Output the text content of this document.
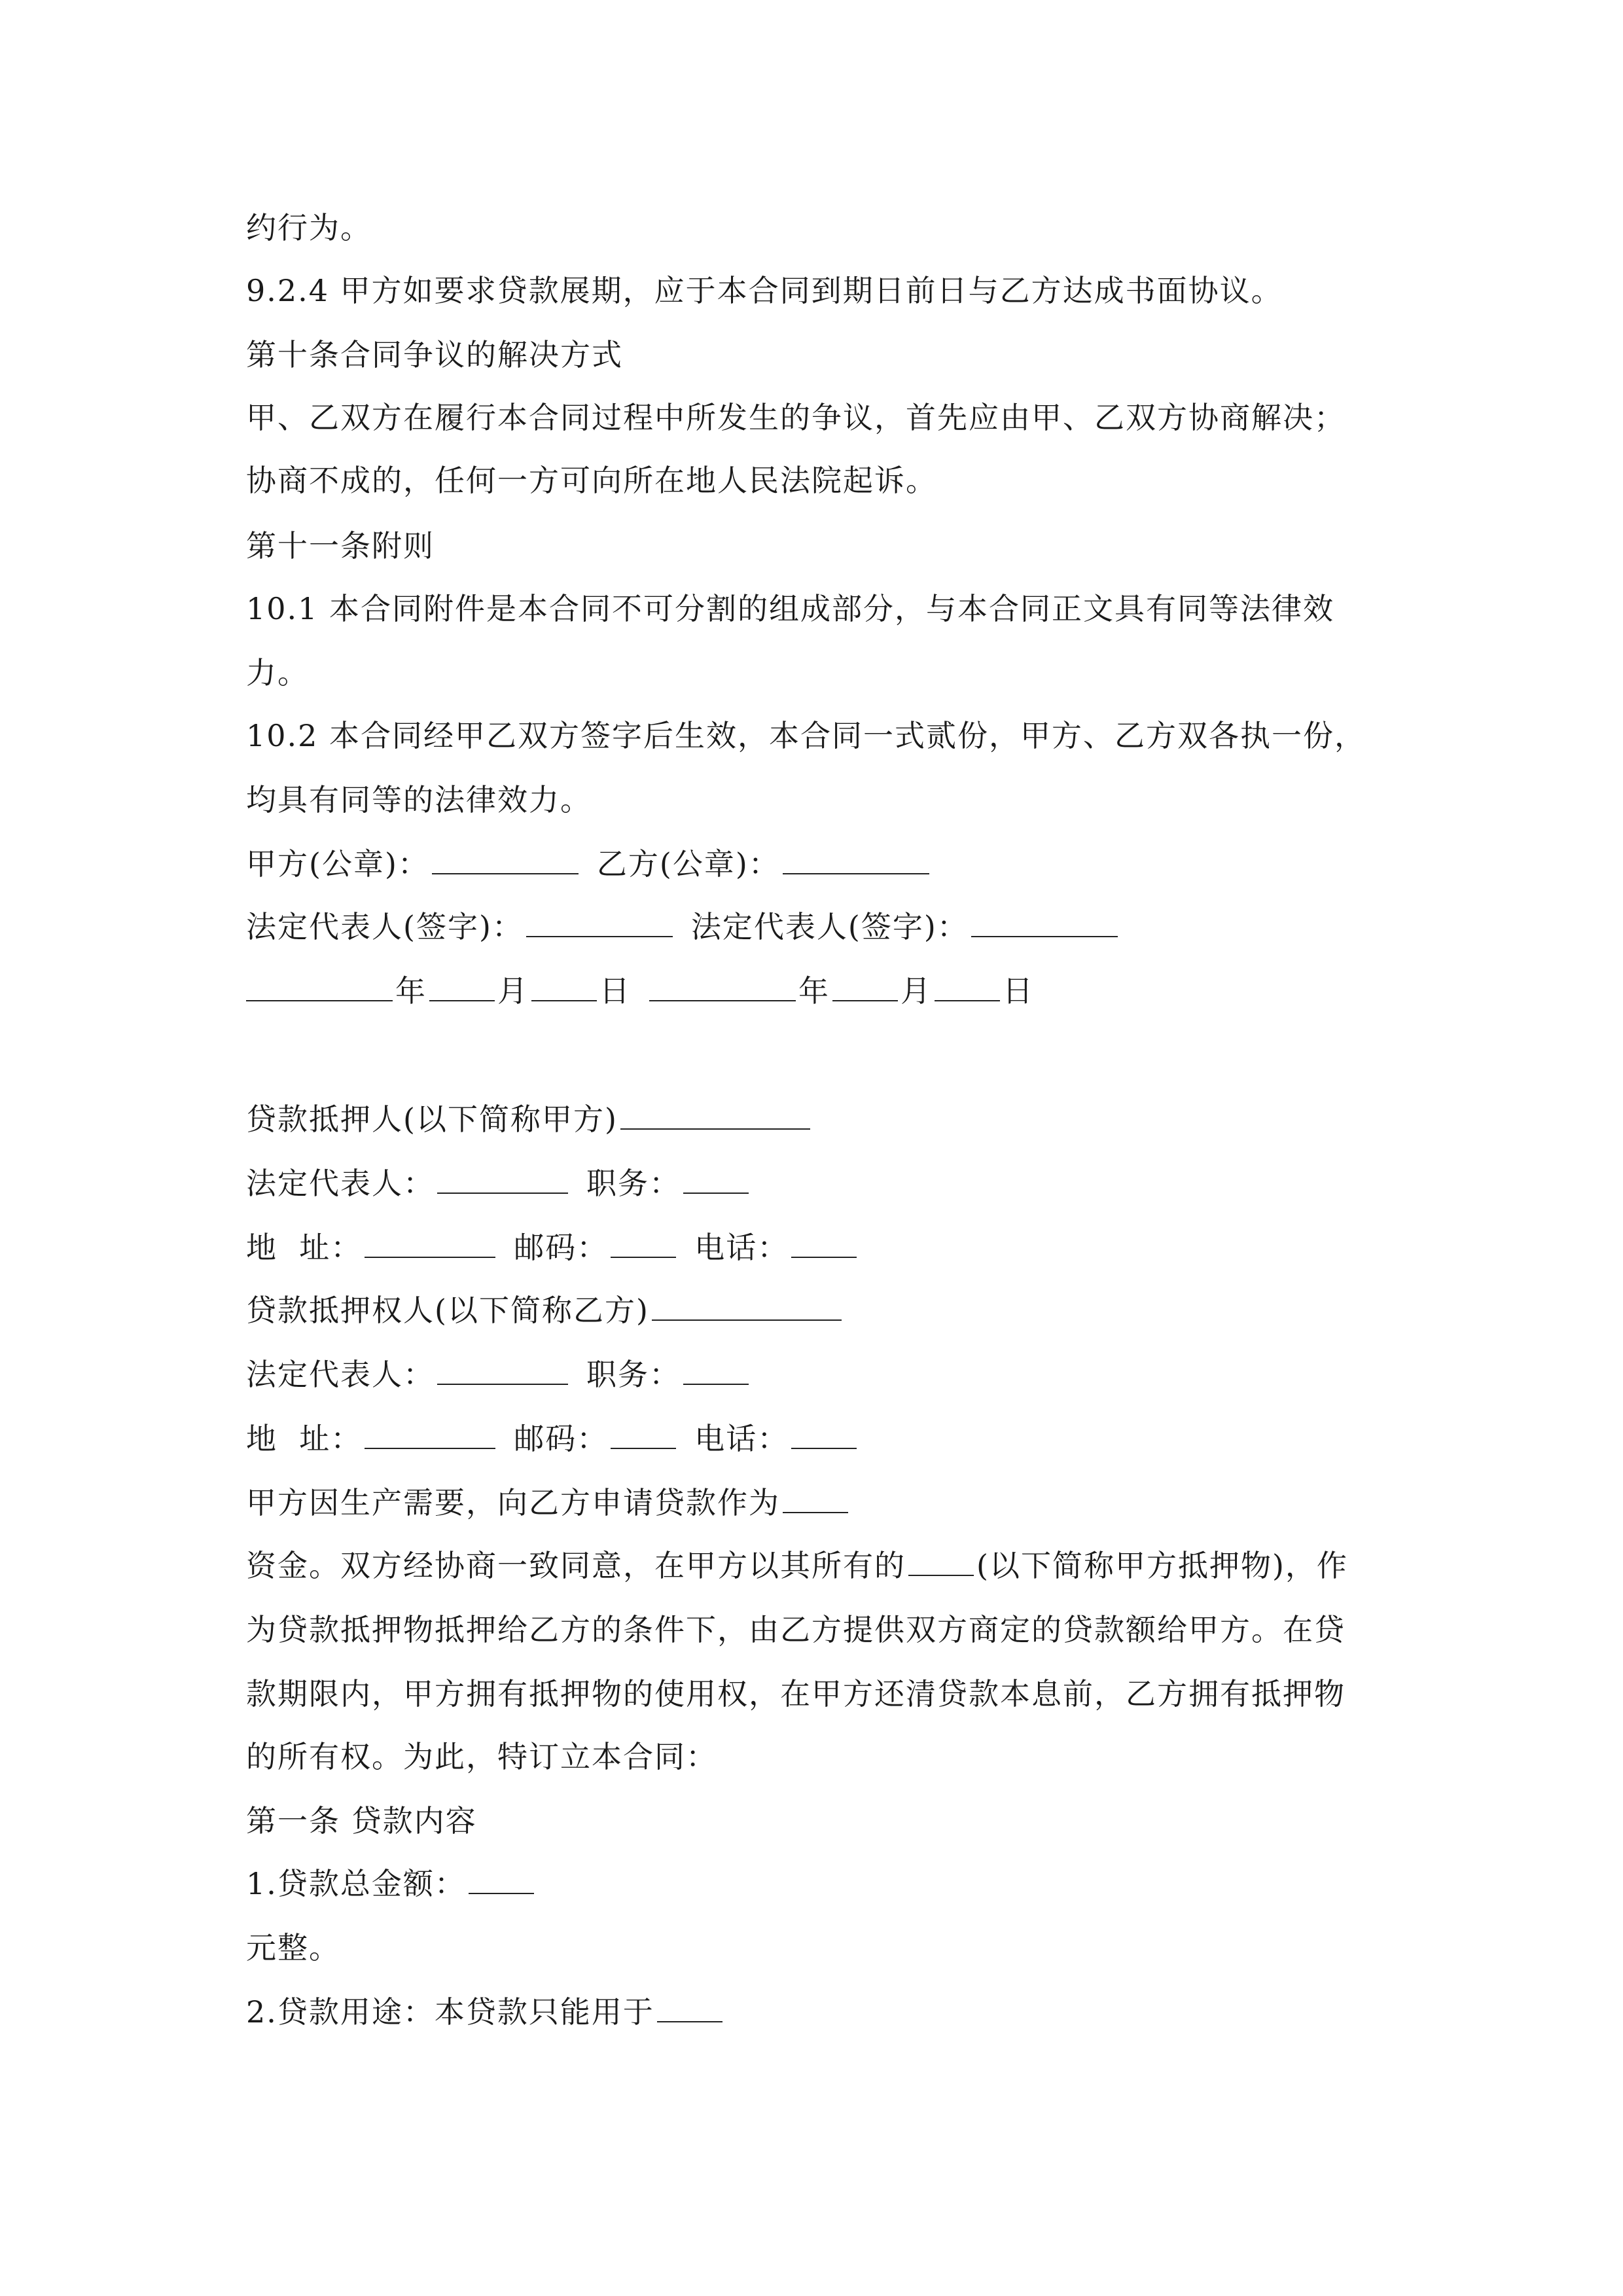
约行为。
9.2.4 甲方如要求贷款展期，应于本合同到期日前日与乙方达成书面协议。
第十条合同争议的解决方式
甲、乙双方在履行本合同过程中所发生的争议，首先应由甲、乙双方协商解决；
协商不成的，任何一方可向所在地人民法院起诉。
第十一条附则
10.1 本合同附件是本合同不可分割的组成部分，与本合同正文具有同等法律效
力。
10.2 本合同经甲乙双方签字后生效，本合同一式贰份，甲方、乙方双各执一份，
均具有同等的法律效力。
甲方(公章)：	乙方(公章)：
法定代表人(签字)：	法定代表人(签字)：
年 月 日	年 月 日
贷款抵押人(以下简称甲方)
法定代表人：	职务：
地  址：	邮码：	电话：
贷款抵押权人(以下简称乙方)
法定代表人：	职务：
地  址：	邮码：	电话：
甲方因生产需要，向乙方申请贷款作为
资金。双方经协商一致同意，在甲方以其所有的 (以下简称甲方抵押物)，作
为贷款抵押物抵押给乙方的条件下，由乙方提供双方商定的贷款额给甲方。在贷
款期限内，甲方拥有抵押物的使用权，在甲方还清贷款本息前，乙方拥有抵押物
的所有权。为此，特订立本合同：
第一条 贷款内容
1.贷款总金额：
元整。
2.贷款用途：本贷款只能用于
